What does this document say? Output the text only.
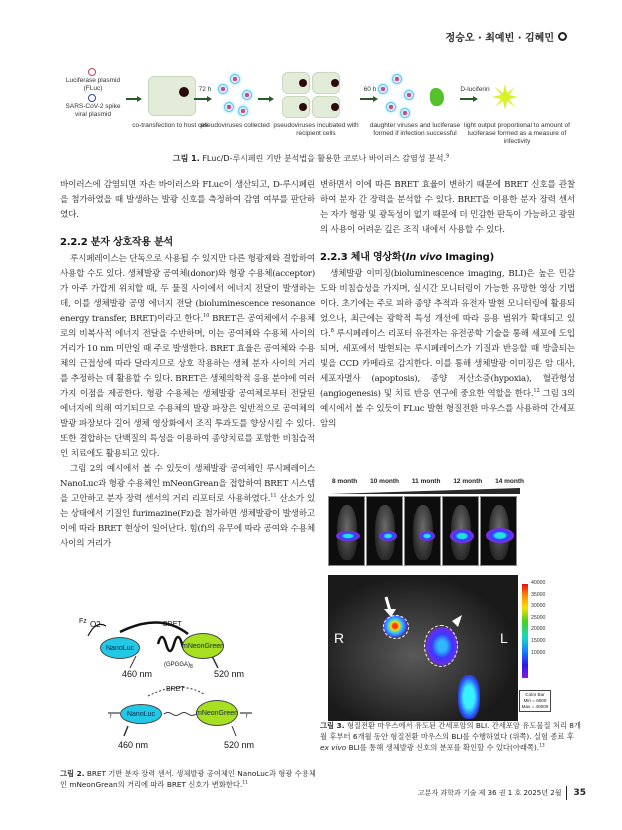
정승오 · 최예빈 · 김혜민
Luciferase plasmid (FLuc)
SARS-CoV-2 spike viral plasmid
co-transfection to host cell
72 h
pseudoviruses collected pseudoviruses incubated with recipient cells
60 h
daughter viruses and luciferase formed if infection successful
D-luciferin
light output proportional to amount of luciferase formed as a measure of infectivity
그림 1. FLuc/D-루시페린 기반 분석법을 활용한 코로나 바이러스 감염성 분석.$^9$

바이러스에 감염되면 자손 바이러스와 FLuc이 생산되고, D-루시페린을 첨가하였을 때 발생하는 발광 신호를 측정하여 감염 여부를 판단하였다.

2.2.2 분자 상호작용 분석

루시페레이스는 단독으로 사용될 수 있지만 다른 형광제와 결합하여 사용할 수도 있다. 생체발광 공여체(donor)와 형광 수용체(acceptor)가 아주 가깝게 위치할 때, 두 물질 사이에서 에너지 전달이 발생하는데, 이를 생체발광 공명 에너지 전달 (bioluminescence resonance energy transfer, BRET)이라고 한다.$^{10}$ BRET은 공여체에서 수용체로의 비복사적 에너지 전달을 수반하며, 이는 공여체와 수용체 사이의 거리가 10 nm 미만일 때 주로 발생한다. BRET 효율은 공여체와 수용체의 근접성에 따라 달라지므로 상호 작용하는 생체 분자 사이의 거리를 추정하는 데 활용할 수 있다. BRET은 생체의학적 응용 분야에 여러 가지 이점을 제공한다. 형광 수용체는 생체발광 공여체로부터 전달된 에너지에 의해 여기되므로 수용체의 발광 파장은 일반적으로 공여체의 발광 파장보다 길어 생체 영상화에서 조직 투과도를 향상시킬 수 있다. 또한 결합하는 단백질의 특성을 이용하여 종양치료를 포함한 비침습적인 치료에도 활용되고 있다.

그림 2의 예시에서 볼 수 있듯이 생체발광 공여체인 루시페레이스 NanoLuc과 형광 수용체인 mNeonGrean을 접합하여 BRET 시스템을 고안하고 분자 장력 센서의 거리 리포터로 사용하였다.$^{11}$ 산소가 있는 상태에서 기질인 furimazine(Fz)을 첨가하면 생체발광이 발생하고 이에 따라 BRET 현상이 일어난다. 힘(f)의 유무에 따라 공여와 수용체 사이의 거리가

변하면서 이에 따른 BRET 효율이 변하기 때문에 BRET 신호를 관찰하여 분자 간 장력을 분석할 수 있다. BRET을 이용한 분자 장력 센서는 자가 형광 및 광독성이 없기 때문에 더 민감한 판독이 가능하고 광원의 사용이 어려운 깊은 조직 내에서 사용할 수 있다.

2.2.3 체내 영상화(In vivo Imaging)

생체발광 이미징(bioluminescence imaging, BLI)은 높은 민감도와 비침습성을 가지며, 실시간 모니터링이 가능한 유망한 영상 기법이다. 초기에는 주로 피하 종양 추적과 유전자 발현 모니터링에 활용되었으나, 최근에는 광학적 특성 개선에 따라 응용 범위가 확대되고 있다.$^8$ 루시페레이스 리포터 유전자는 유전공학 기술을 통해 세포에 도입되며, 세포에서 발현되는 루시페레이스가 기질과 반응할 때 방출되는 빛을 CCD 카메라로 감지한다. 이를 통해 생체발광 이미징은 암 대사, 세포자멸사 (apoptosis), 종양 저산소증(hypoxia), 혈관형성(angiogenesis) 및 치료 반응 연구에 중요한 역할을 한다.$^{12}$ 그림 3의 예시에서 볼 수 있듯이 FLuc 발현 형질전환 마우스를 사용하여 간세포암의

Fz O2	BRET
NanoLuc	mNeonGreen
$(GPGGA)_8$
460 nm	520 nm
BRET
NanoLuc	mNeonGreen
f	f
460 nm	520 nm
그림 2. BRET 기반 분자 장력 센서. 생체발광 공여체인 NanoLuc과 형광 수용체인 mNeonGrean의 거리에 따라 BRET 신호가 변화한다.$^{11}$
8 month 10 month 11 month 12 month 14 month
R	L
40000
35000
30000
25000
20000
15000
10000
Color Bar
Min = 6000
Max = 40000
그림 3. 형질전환 마우스에서 유도된 간세포암의 BLI. 간세포암 유도물질 처리 8개월 후부터 6개월 동안 형질전환 마우스의 BLI를 수행하였다 (위쪽). 실험 종료 후 ex vivo BLI를 통해 생체발광 신호의 분포를 확인할 수 있다(아래쪽).$^{13}$
고분자 과학과 기술 제 36 권 1 호 2025년 2월 35
